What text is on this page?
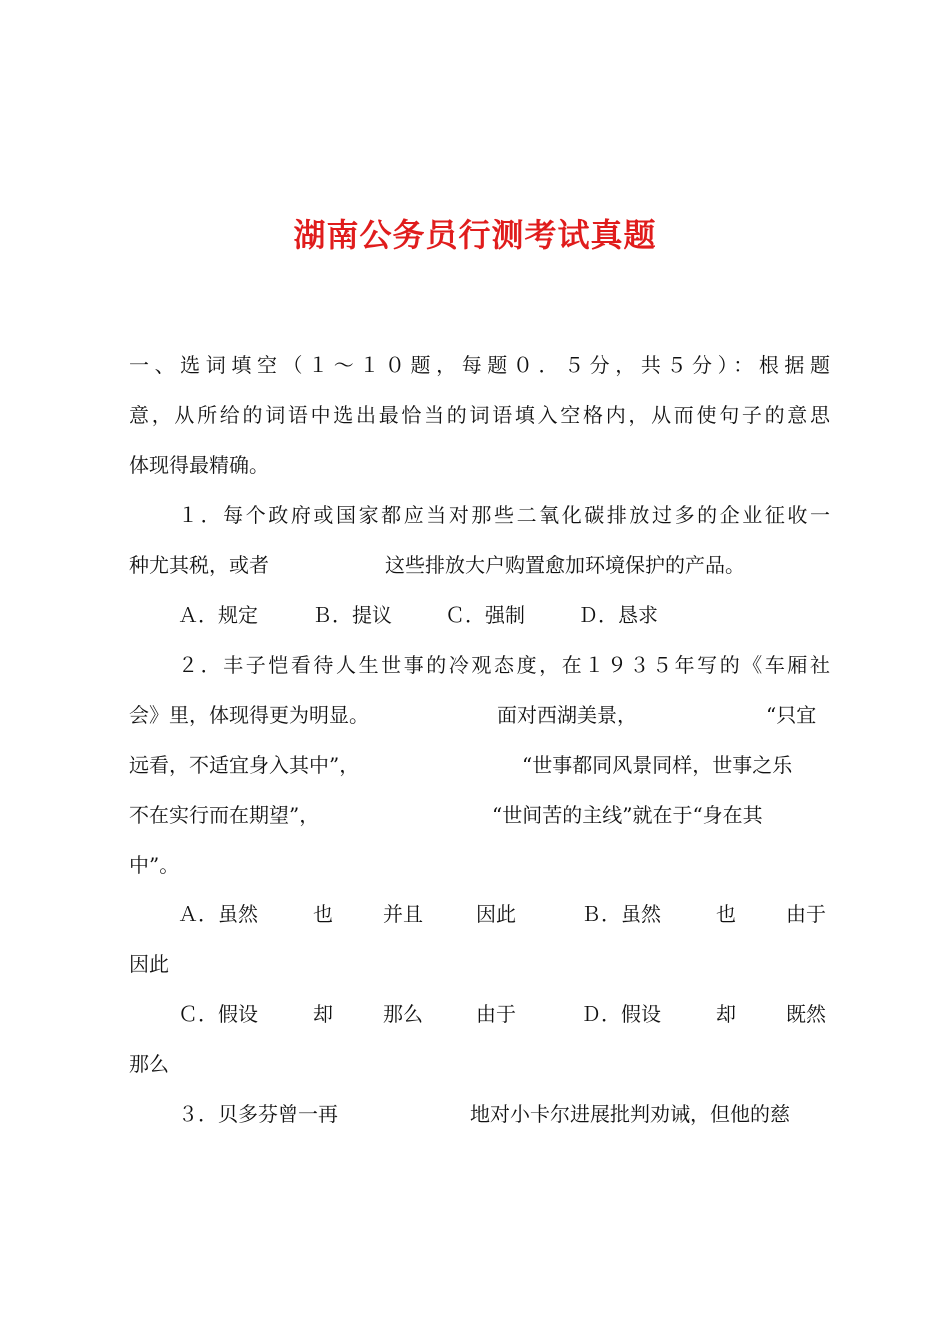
湖南公务员行测考试真题
一、选词填空（１～１０题，每题０．５分，共５分）：根据题
意，从所给的词语中选出最恰当的词语填入空格内，从而使句子的意思
体现得最精确。
１．每个政府或国家都应当对那些二氧化碳排放过多的企业征收一
种尤其税，或者	这些排放大户购置愈加环境保护的产品。
Ａ．规定	Ｂ．提议	Ｃ．强制	Ｄ．恳求
２．丰子恺看待人生世事的冷观态度，在１９３５年写的《车厢社
会》里，体现得更为明显。	面对西湖美景，	“只宜
远看，不适宜身入其中”，	“世事都同风景同样，世事之乐
不在实行而在期望”，	“世间苦的主线”就在于“身在其
中”。
Ａ．虽然	也	并且	因此	Ｂ．虽然	也	由于
因此
Ｃ．假设	却	那么	由于	Ｄ．假设	却	既然
那么
３．贝多芬曾一再	地对小卡尔进展批判劝诫，但他的慈
